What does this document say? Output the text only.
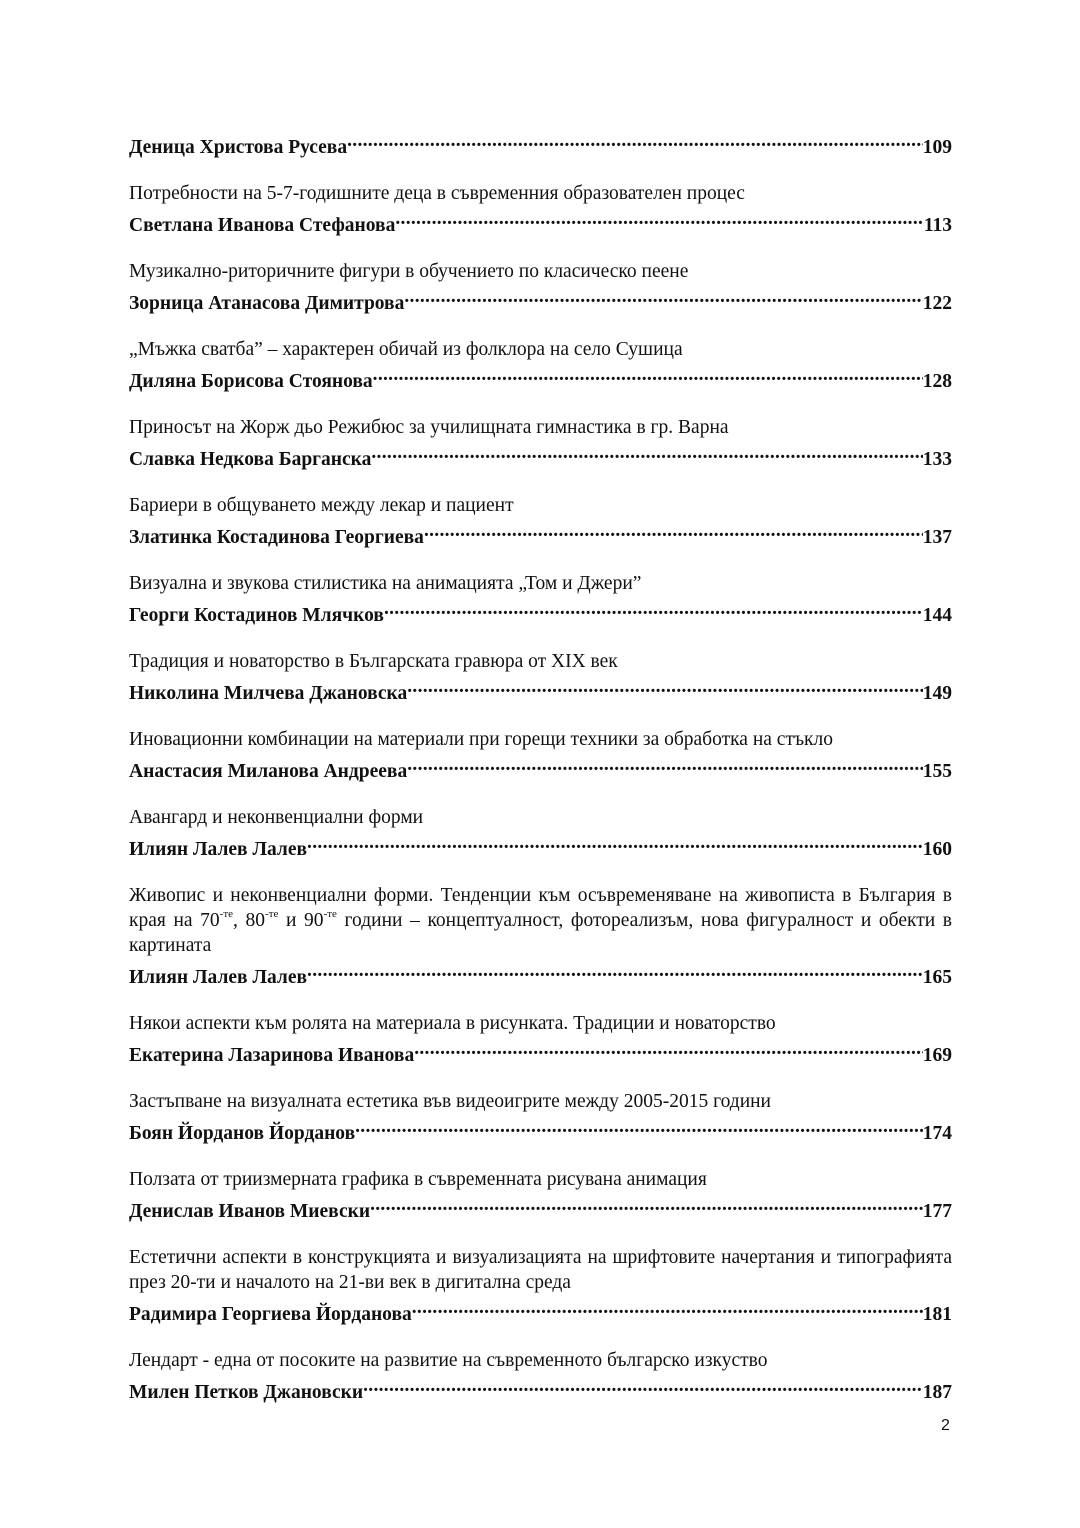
Деница Христова Русева .....	109
Потребности на 5-7-годишните деца в съвременния образователен процес
Светлана Иванова Стефанова .....	113
Музикално-риторичните фигури в обучението по класическо пеене
Зорница Атанасова Димитрова .....	122
„Мъжка сватба” – характерен обичай из фолклора на село Сушица
Диляна Борисова Стоянова .....	128
Приносът на Жорж дьо Режибюс за училищната гимнастика в гр. Варна
Славка Недкова Барганска .....	133
Бариери в общуването между лекар и пациент
Златинка Костадинова Георгиева .....	137
Визуална и звукова стилистика на анимацията „Том и Джери”
Георги Костадинов Млячков .....	144
Традиция и новаторство в Българската гравюра от XIX век
Николина Милчева Джановска .....	149
Иновационни комбинации на материали при горещи техники за обработка на стъкло
Анастасия Миланова Андреева .....	155
Авангард и неконвенциални форми
Илиян Лалев Лалев .....	160
Живопис и неконвенциални форми. Тенденции към осъвременяване на живописта в България в края на $70^{-те}$, $80^{-те}$ и $90^{-те}$ години – концептуалност, фотореализъм, нова фигуралност и обекти в картината
Илиян Лалев Лалев .....	165
Някои аспекти към ролята на материала в рисунката. Традиции и новаторство
Екатерина Лазаринова Иванова .....	169
Застъпване на визуалната естетика във видеоигрите между 2005-2015 години
Боян Йорданов Йорданов .....	174
Ползата от триизмерната графика в съвременната рисувана анимация
Денислав Иванов Миевски .....	177
Естетични аспекти в конструкцията и визуализацията на шрифтовите начертания и типографията през 20-ти и началото на 21-ви век в дигитална среда
Радимира Георгиева Йорданова .....	181
Лендарт - една от посоките на развитие на съвременното българско изкуство
Милен Петков Джановски .....	187
2
